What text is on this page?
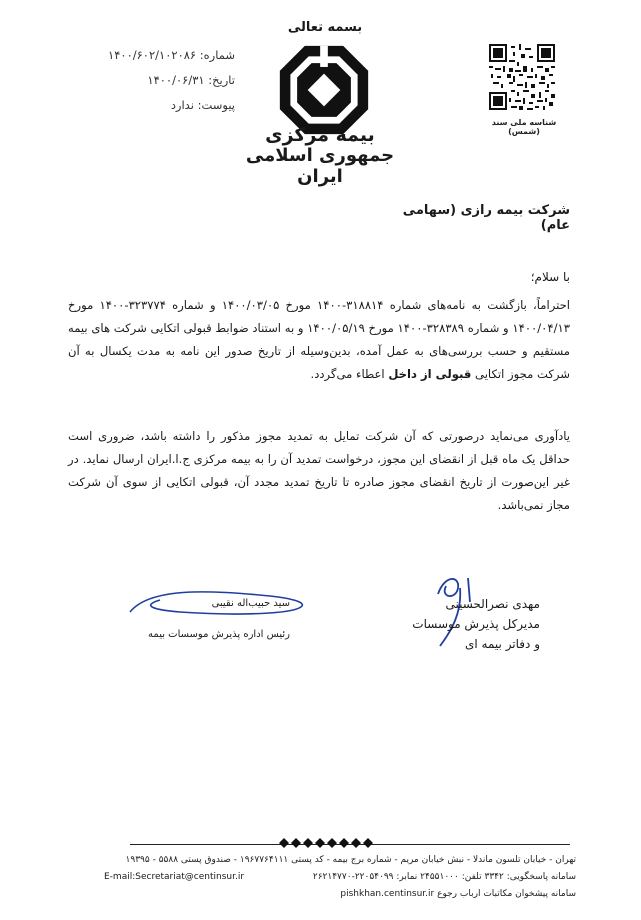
بسمه تعالی
شماره: ۱۴۰۰/۶۰۲/۱۰۲۰۸۶
تاریخ: ۱۴۰۰/۰۶/۳۱
پیوست: ندارد
بیمه مرکزی
جمهوری اسلامی ایران
شناسه ملی سند (شمس)
شرکت بیمه رازی (سهامی عام)
با سلام؛
احتراماً، بازگشت به نامه‌های شماره ۳۱۸۸۱۴-۱۴۰۰ مورخ ۱۴۰۰/۰۳/۰۵ و شماره ۳۲۳۷۷۴-۱۴۰۰ مورخ ۱۴۰۰/۰۴/۱۳ و شماره ۳۲۸۳۸۹-۱۴۰۰ مورخ ۱۴۰۰/۰۵/۱۹ و به استناد ضوابط قبولی اتکایی شرکت های بیمه مستقیم و حسب بررسی‌های به عمل آمده، بدین‌وسیله از تاریخ صدور این نامه به مدت یکسال به آن شرکت مجوز اتکایی قبولی از داخل اعطاء می‌گردد.
یادآوری می‌نماید درصورتی که آن شرکت تمایل به تمدید مجوز مذکور را داشته باشد، ضروری است حداقل یک ماه قبل از انقضای این مجوز، درخواست تمدید آن را به بیمه مرکزی ج.ا.ایران ارسال نماید. در غیر این‌صورت از تاریخ انقضای مجوز صادره تا تاریخ تمدید مجدد آن، قبولی اتکایی از سوی آن شرکت مجاز نمی‌باشد.
سید حبیب‌اله نقیبی
رئیس اداره پذیرش موسسات بیمه
مهدی نصرالحسینی
مدیرکل پذیرش موسسات
و دفاتر بیمه ای
تهران - خیابان تلسون ماندلا - نبش خیابان مریم - شماره برج بیمه - کد پستی ۱۹۶۷۷۶۴۱۱۱ - صندوق پستی ۵۵۸۸ - ۱۹۳۹۵
سامانه پاسخگویی: ۳۳۴۲ تلفن: ۲۴۵۵۱۰۰۰ نمابر: ۲۲۰۵۴۰۹۹-۲۶۲۱۴۷۷۰
E-mail:Secretariat@centinsur.ir
سامانه پیشخوان مکاتبات ارباب رجوع pishkhan.centinsur.ir
